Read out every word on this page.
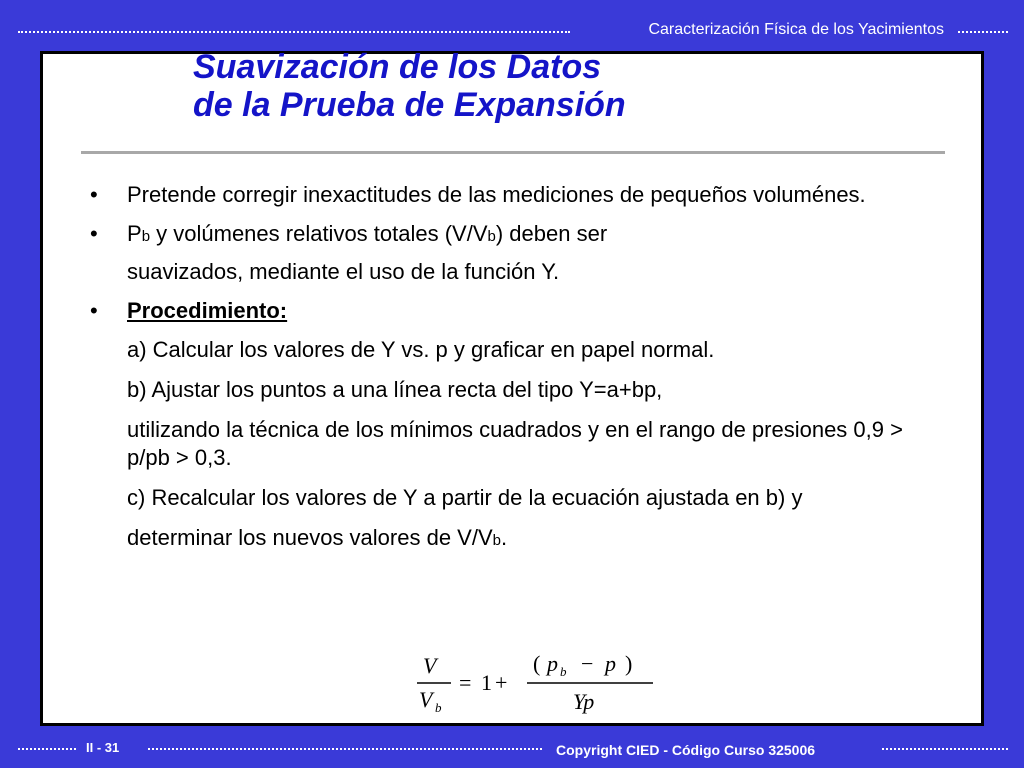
Caracterización Física de los Yacimientos
Suavización de los Datos
de la Prueba de Expansión
• Pretende corregir inexactitudes de las mediciones de pequeños voluménes.
• Pb y volúmenes relativos totales (V/Vb) deben ser
suavizados, mediante el uso de la función Y.
• Procedimiento:
a) Calcular los valores de Y vs. p y graficar en papel normal.
b) Ajustar los puntos a una línea recta del tipo Y=a+bp,
utilizando la técnica de los mínimos cuadrados y en el rango de presiones 0,9 > p/pb > 0,3.
c) Recalcular los valores de Y a partir de la ecuación ajustada en b) y
determinar los nuevos valores de V/Vb.
V
V b
= 1 +
( p b − p )
Yp
II - 31	Copyright CIED - Código Curso 325006
